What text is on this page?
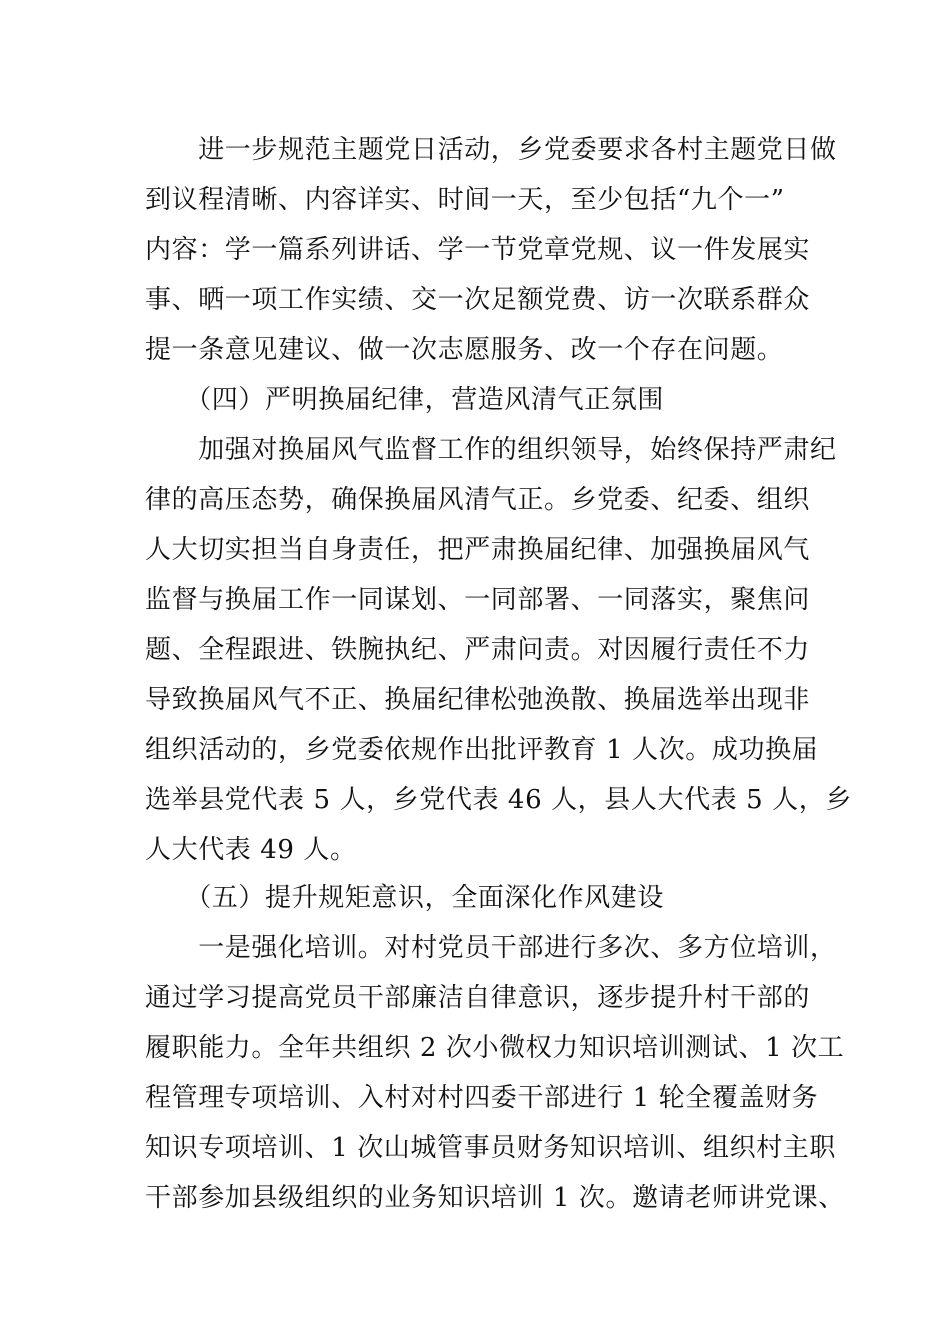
　　进一步规范主题党日活动，乡党委要求各村主题党日做
到议程清晰、内容详实、时间一天，至少包括“九个一”
内容：学一篇系列讲话、学一节党章党规、议一件发展实
事、晒一项工作实绩、交一次足额党费、访一次联系群众
提一条意见建议、做一次志愿服务、改一个存在问题。
　　（四）严明换届纪律，营造风清气正氛围
　　加强对换届风气监督工作的组织领导，始终保持严肃纪
律的高压态势，确保换届风清气正。乡党委、纪委、组织
人大切实担当自身责任，把严肃换届纪律、加强换届风气
监督与换届工作一同谋划、一同部署、一同落实，聚焦问
题、全程跟进、铁腕执纪、严肃问责。对因履行责任不力
导致换届风气不正、换届纪律松弛涣散、换届选举出现非
组织活动的，乡党委依规作出批评教育 1 人次。成功换届
选举县党代表 5 人，乡党代表 46 人，县人大代表 5 人，乡
人大代表 49 人。
　　（五）提升规矩意识，全面深化作风建设
　　一是强化培训。对村党员干部进行多次、多方位培训，
通过学习提高党员干部廉洁自律意识，逐步提升村干部的
履职能力。全年共组织 2 次小微权力知识培训测试、1 次工
程管理专项培训、入村对村四委干部进行 1 轮全覆盖财务
知识专项培训、1 次山城管事员财务知识培训、组织村主职
干部参加县级组织的业务知识培训 1 次。邀请老师讲党课、
